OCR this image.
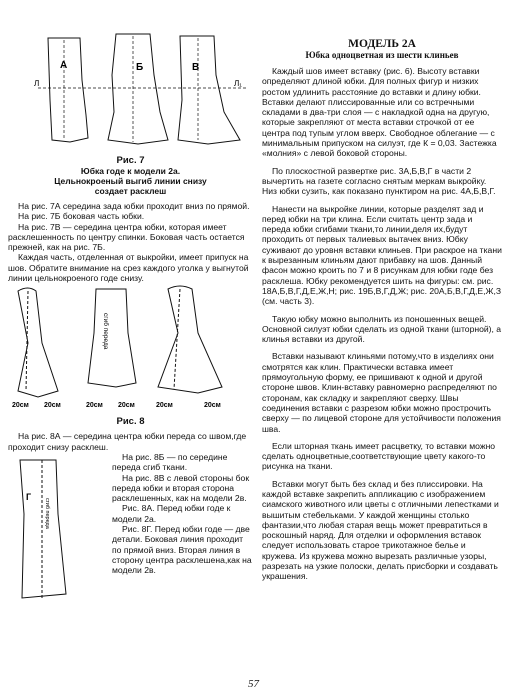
А	Б	В
Л	Л₁

Рис. 7
Юбка годе к модели 2а.
Цельнокроеный выгиб линии снизу
создает расклеш

На рис. 7А середина зада юбки проходит вниз по прямой.

На рис. 7Б боковая часть юбки.

На рис. 7В — середина центра юбки, которая имеет расклешенность по центру спинки. Боковая часть остается прежней, как на рис. 7Б.

Каждая часть, отделенная от выкройки, имеет припуск на шов. Обратите внимание на срез каждого уголка у выгнутой линии цельнокроеного годе снизу.

сгиб переда
20см 20см	20см 20см	20см	20см

Рис. 8

На рис. 8А — середина центра юбки переда со швом,где проходит снизу расклеш.

Г
сгиб переда

На рис. 8Б — по середине переда сгиб ткани.

На рис. 8В с левой стороны бок переда юбки и вторая сторона расклешенных, как на модели 2в.

Рис. 8А. Перед юбки годе к модели 2а.

Рис. 8Г. Перед юбки годе — две детали. Боковая линия проходит по прямой вниз. Вторая линия в сторону центра расклешена,как на модели 2в.

МОДЕЛЬ 2А

Юбка одноцветная из шести клиньев

Каждый шов имеет вставку (рис. 6). Высоту вставки определяют длиной юбки. Для полных фигур и низких ростом удлинить расстояние до вставки и длину юбки. Вставки делают плиссированные или со встречными складами в два-три слоя — с накладкой одна на другую, которые закрепляют от места вставки строчкой от ее центра под тупым углом вверх. Свободное облегание — с минимальным припуском на силуэт, где К = 0,03. Застежка «молния» с левой боковой стороны.

По плоскостной развертке рис. 3А,Б,В,Г в части 2 вычертить на газете согласно снятым меркам выкройку. Низ юбки сузить, как показано пунктиром на рис. 4А,Б,В,Г.

Нанести на выкройке линии, которые разделят зад и перед юбки на три клина. Если считать центр зада и переда юбки сгибами ткани,то линии,деля их,будут проходить от первых талиевых вытачек вниз. Юбку суживают до уровня вставки клиньев. При раскрое на ткани к вырезанным клиньям дают прибавку на шов. Данный фасон можно кроить по 7 и 8 рисункам для юбки годе без расклеша. Юбку рекомендуется шить на фигуры: см. рис. 18А,Б,В,Г,Д,Е,Ж,Н; рис. 19Б,В,Г,Д,Ж; рис. 20А,Б,В,Г,Д,Е,Ж,З (см. часть 3).

Такую юбку можно выполнить из поношенных вещей. Основной силуэт юбки сделать из одной ткани (шторной), а клинья вставки из другой.

Вставки называют клиньями потому,что в изделиях они смотрятся как клин. Практически вставка имеет прямоугольную форму, ее пришивают к одной и другой стороне швов. Клин-вставку равномерно распределяют по сторонам, как складку и закрепляют сверху. Швы соединения вставки с разрезом юбки можно прострочить сверху — по лицевой стороне для устойчивости положения шва.

Если шторная ткань имеет расцветку, то вставки можно сделать одноцветные,соответствующие цвету какого-то рисунка на ткани.

Вставки могут быть без склад и без плиссировки. На каждой вставке закрепить аппликацию с изображением сиамского животного или цветы с отличными лепестками и вышитым стебельками. У каждой женщины столько фантазии,что любая старая вещь может превратиться в роскошный наряд. Для отделки и оформления вставок следует использовать старое трикотажное белье и кружева. Из кружева можно вырезать различные узоры, разрезать на узкие полоски, делать присборки и создавать украшения.

57
